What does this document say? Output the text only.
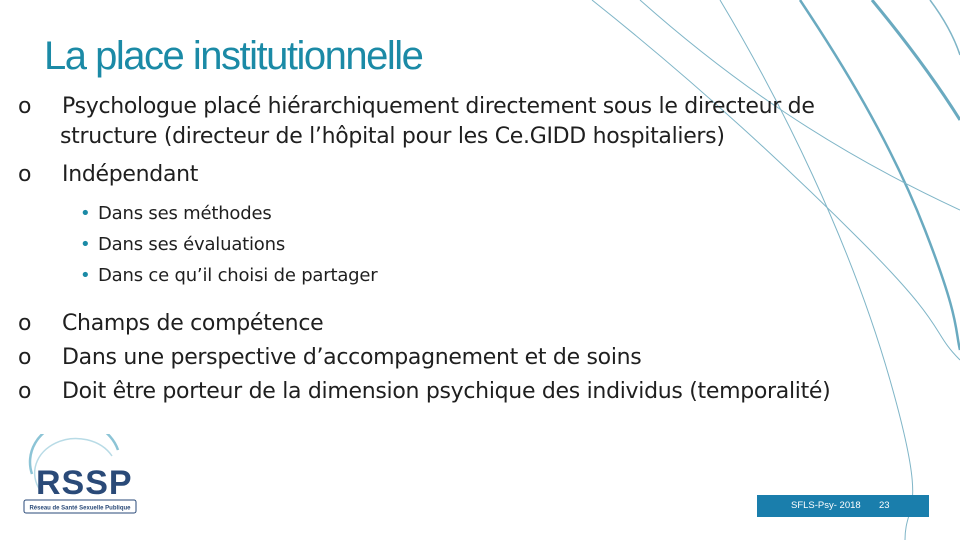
La place institutionnelle
o	Psychologue placé hiérarchiquement directement sous le directeur de
structure (directeur de l’hôpital pour les Ce.GIDD hospitaliers)
o	Indépendant
• Dans ses méthodes
• Dans ses évaluations
• Dans ce qu’il choisi de partager
o	Champs de compétence
o	Dans une perspective d’accompagnement et de soins
o	Doit être porteur de la dimension psychique des individus (temporalité)
RSSP
Réseau de Santé Sexuelle Publique	SFLS-Psy- 2018 23
